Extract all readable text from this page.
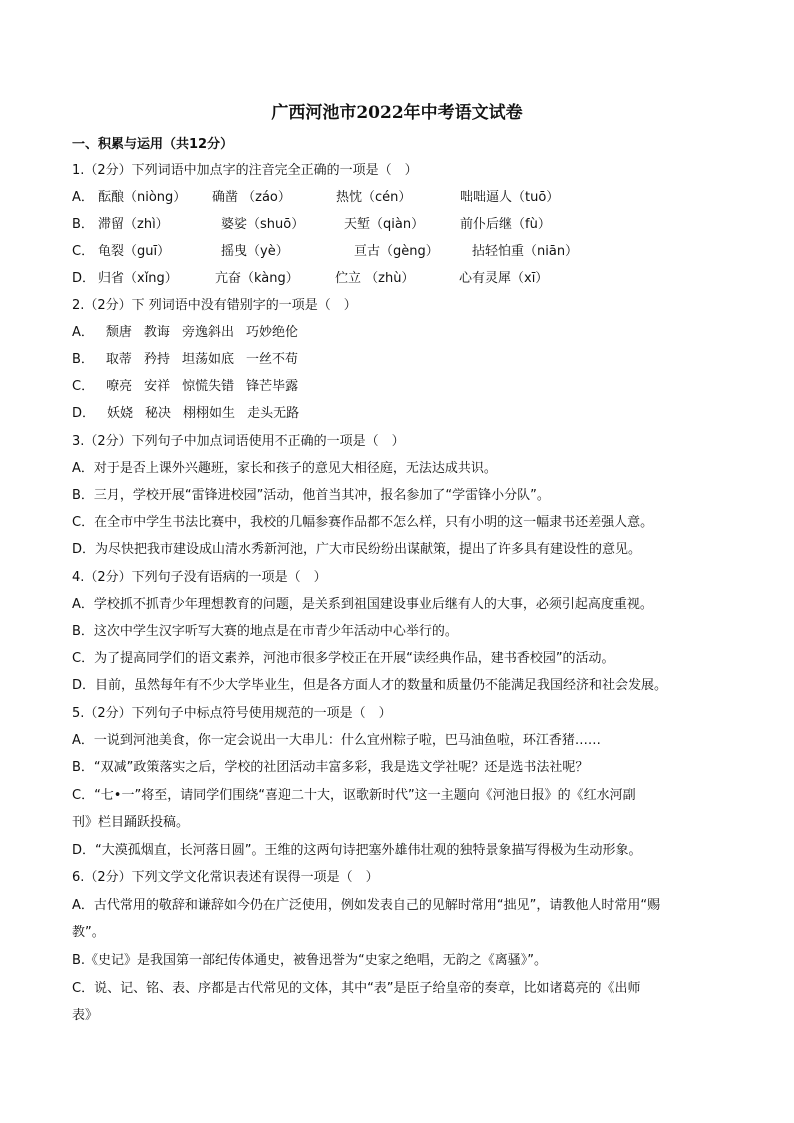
广西河池市2022年中考语文试卷
一、积累与运用（共12分）
1.（2分）下列词语中加点字的注音完全正确的一项是（　）
A． 酝酿（niòng） 确凿 （záo）	热忱（cén）	咄咄逼人（tuō）
B． 滞留（zhì）	婆娑（shuō）	天堑（qiàn）	前仆后继（fù）
C． 龟裂（guī）	摇曳（yè）	亘古（gèng）	拈轻怕重（niān）
D． 归省（xǐng）	亢奋（kàng）	伫立 （zhù）	心有灵犀（xī）
2.（2分）下 列词语中没有错别字的一项是（　）
A． 颓唐 教诲 旁逸斜出 巧妙绝伦
B． 取蒂 矜持 坦荡如底 一丝不苟
C． 嘹亮 安祥 惊慌失错 锋芒毕露
D． 妖娆 秘决 栩栩如生 走头无路
3.（2分）下列句子中加点词语使用不正确的一项是（　）
A．对于是否上课外兴趣班，家长和孩子的意见大相径庭，无法达成共识。
B．三月，学校开展“雷锋进校园”活动，他首当其冲，报名参加了“学雷锋小分队”。
C．在全市中学生书法比赛中，我校的几幅参赛作品都不怎么样，只有小明的这一幅隶书还差强人意。
D．为尽快把我市建设成山清水秀新河池，广大市民纷纷出谋献策，提出了许多具有建设性的意见。
4.（2分）下列句子没有语病的一项是（　）
A．学校抓不抓青少年理想教育的问题，是关系到祖国建设事业后继有人的大事，必须引起高度重视。
B．这次中学生汉字听写大赛的地点是在市青少年活动中心举行的。
C．为了提高同学们的语文素养，河池市很多学校正在开展“读经典作品，建书香校园”的活动。
D．目前，虽然每年有不少大学毕业生，但是各方面人才的数量和质量仍不能满足我国经济和社会发展。
5.（2分）下列句子中标点符号使用规范的一项是（　）
A．一说到河池美食，你一定会说出一大串儿：什么宜州粽子啦，巴马油鱼啦，环江香猪……
B．“双减”政策落实之后，学校的社团活动丰富多彩，我是选文学社呢？还是选书法社呢？
C．“七•一”将至，请同学们围绕“喜迎二十大，讴歌新时代”这一主题向《河池日报》的《红水河副
刊》栏目踊跃投稿。
D．“大漠孤烟直，长河落日圆”。王维的这两句诗把塞外雄伟壮观的独特景象描写得极为生动形象。
6.（2分）下列文学文化常识表述有误得一项是（　）
A．古代常用的敬辞和谦辞如今仍在广泛使用，例如发表自己的见解时常用“拙见”，请教他人时常用“赐
教”。
B.《史记》是我国第一部纪传体通史，被鲁迅誉为“史家之绝唱，无韵之《离骚》”。
C．说、记、铭、表、序都是古代常见的文体，其中“表”是臣子给皇帝的奏章，比如诸葛亮的《出师
表》
